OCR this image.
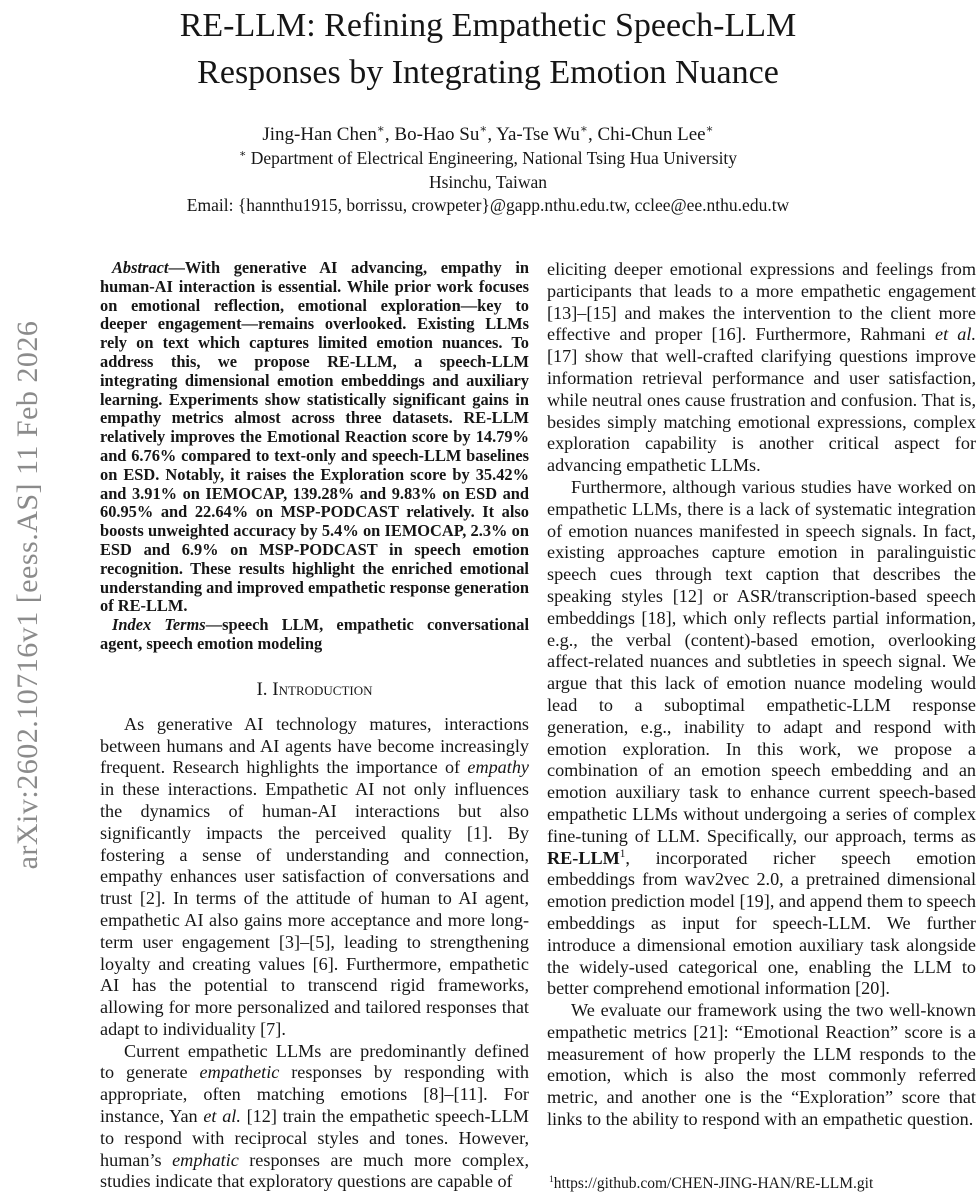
arXiv:2602.10716v1 [eess.AS] 11 Feb 2026
RE-LLM: Refining Empathetic Speech-LLM
Responses by Integrating Emotion Nuance
Jing-Han Chen∗, Bo-Hao Su∗, Ya-Tse Wu∗, Chi-Chun Lee∗
∗ Department of Electrical Engineering, National Tsing Hua University
Hsinchu, Taiwan
Email: {hannthu1915, borrissu, crowpeter}@gapp.nthu.edu.tw, cclee@ee.nthu.edu.tw

Abstract—With generative AI advancing, empathy in human-AI interaction is essential. While prior work focuses on emotional reflection, emotional exploration—key to deeper engagement—remains overlooked. Existing LLMs rely on text which captures limited emotion nuances. To address this, we propose RE-LLM, a speech-LLM integrating dimensional emotion embeddings and auxiliary learning. Experiments show statistically significant gains in empathy metrics almost across three datasets. RE-LLM relatively improves the Emotional Reaction score by 14.79% and 6.76% compared to text-only and speech-LLM baselines on ESD. Notably, it raises the Exploration score by 35.42% and 3.91% on IEMOCAP, 139.28% and 9.83% on ESD and 60.95% and 22.64% on MSP-PODCAST relatively. It also boosts unweighted accuracy by 5.4% on IEMOCAP, 2.3% on ESD and 6.9% on MSP-PODCAST in speech emotion recognition. These results highlight the enriched emotional understanding and improved empathetic response generation of RE-LLM.

Index Terms—speech LLM, empathetic conversational agent, speech emotion modeling

I. Introduction

As generative AI technology matures, interactions between humans and AI agents have become increasingly frequent. Research highlights the importance of empathy in these interactions. Empathetic AI not only influences the dynamics of human-AI interactions but also significantly impacts the perceived quality [1]. By fostering a sense of understanding and connection, empathy enhances user satisfaction of conversations and trust [2]. In terms of the attitude of human to AI agent, empathetic AI also gains more acceptance and more long-term user engagement [3]–[5], leading to strengthening loyalty and creating values [6]. Furthermore, empathetic AI has the potential to transcend rigid frameworks, allowing for more personalized and tailored responses that adapt to individuality [7].

Current empathetic LLMs are predominantly defined to generate empathetic responses by responding with appropriate, often matching emotions [8]–[11]. For instance, Yan et al. [12] train the empathetic speech-LLM to respond with reciprocal styles and tones. However, human’s emphatic responses are much more complex, studies indicate that exploratory questions are capable of

eliciting deeper emotional expressions and feelings from participants that leads to a more empathetic engagement [13]–[15] and makes the intervention to the client more effective and proper [16]. Furthermore, Rahmani et al. [17] show that well-crafted clarifying questions improve information retrieval performance and user satisfaction, while neutral ones cause frustration and confusion. That is, besides simply matching emotional expressions, complex exploration capability is another critical aspect for advancing empathetic LLMs.

Furthermore, although various studies have worked on empathetic LLMs, there is a lack of systematic integration of emotion nuances manifested in speech signals. In fact, existing approaches capture emotion in paralinguistic speech cues through text caption that describes the speaking styles [12] or ASR/transcription-based speech embeddings [18], which only reflects partial information, e.g., the verbal (content)-based emotion, overlooking affect-related nuances and subtleties in speech signal. We argue that this lack of emotion nuance modeling would lead to a suboptimal empathetic-LLM response generation, e.g., inability to adapt and respond with emotion exploration. In this work, we propose a combination of an emotion speech embedding and an emotion auxiliary task to enhance current speech-based empathetic LLMs without undergoing a series of complex fine-tuning of LLM. Specifically, our approach, terms as RE-LLM$^1$, incorporated richer speech emotion embeddings from wav2vec 2.0, a pretrained dimensional emotion prediction model [19], and append them to speech embeddings as input for speech-LLM. We further introduce a dimensional emotion auxiliary task alongside the widely-used categorical one, enabling the LLM to better comprehend emotional information [20].

We evaluate our framework using the two well-known empathetic metrics [21]: “Emotional Reaction” score is a measurement of how properly the LLM responds to the emotion, which is also the most commonly referred metric, and another one is the “Exploration” score that links to the ability to respond with an empathetic question.

$^1$https://github.com/CHEN-JING-HAN/RE-LLM.git
